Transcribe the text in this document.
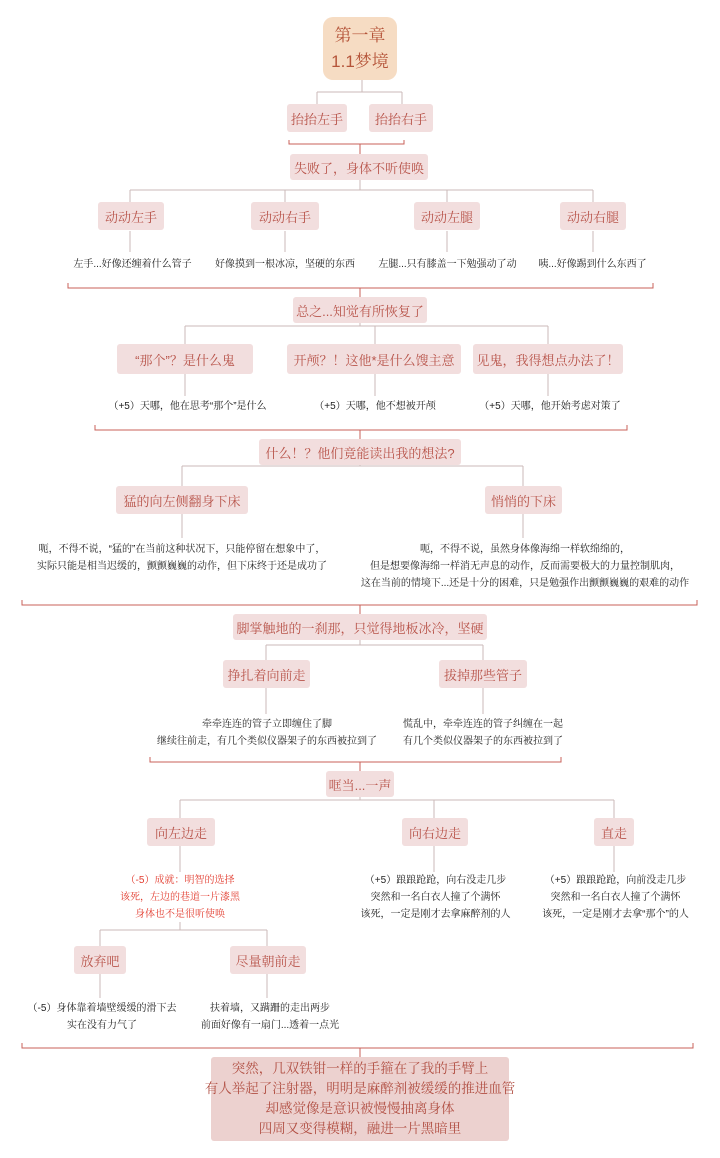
第一章
1.1梦境
抬抬左手	抬抬右手
失败了，身体不听使唤
动动左手	动动右手	动动左腿	动动右腿
左手...好像还缠着什么管子	好像摸到一根冰凉，坚硬的东西	左腿...只有膝盖一下勉强动了动	咦...好像踢到什么东西了
总之...知觉有所恢复了
“那个”？是什么鬼	开颅？！这他*是什么馊主意	见鬼，我得想点办法了！
（+5）天哪，他在思考“那个”是什么	（+5）天哪，他不想被开颅	（+5）天哪，他开始考虑对策了
什么！？他们竟能读出我的想法?
猛的向左侧翻身下床	悄悄的下床
呃，不得不说，“猛的”在当前这种状况下，只能停留在想象中了，
实际只能是相当迟缓的，颤颤巍巍的动作，但下床终于还是成功了
呃，不得不说，虽然身体像海绵一样软绵绵的，
但是想要像海绵一样消无声息的动作，反而需要极大的力量控制肌肉，
这在当前的情境下...还是十分的困难，只是勉强作出颤颤巍巍的艰难的动作
脚掌触地的一刹那，只觉得地板冰冷，坚硬
挣扎着向前走	拔掉那些管子
牵牵连连的管子立即缠住了脚
继续往前走，有几个类似仪器架子的东西被拉到了
慌乱中，牵牵连连的管子纠缠在一起
有几个类似仪器架子的东西被拉到了
哐当...一声
向左边走	向右边走	直走
（-5）成就：明智的选择
该死，左边的巷道一片漆黑
身体也不是很听使唤
（+5）踉踉跄跄，向右没走几步
突然和一名白衣人撞了个满怀
该死，一定是刚才去拿麻醉剂的人
（+5）踉踉跄跄，向前没走几步
突然和一名白衣人撞了个满怀
该死，一定是刚才去拿“那个”的人
放弃吧	尽量朝前走
（-5）身体靠着墙壁缓缓的滑下去
实在没有力气了
扶着墙，又蹒跚的走出两步
前面好像有一扇门...透着一点光
突然，几双铁钳一样的手箍在了我的手臂上
有人举起了注射器，明明是麻醉剂被缓缓的推进血管
却感觉像是意识被慢慢抽离身体
四周又变得模糊，融进一片黑暗里
